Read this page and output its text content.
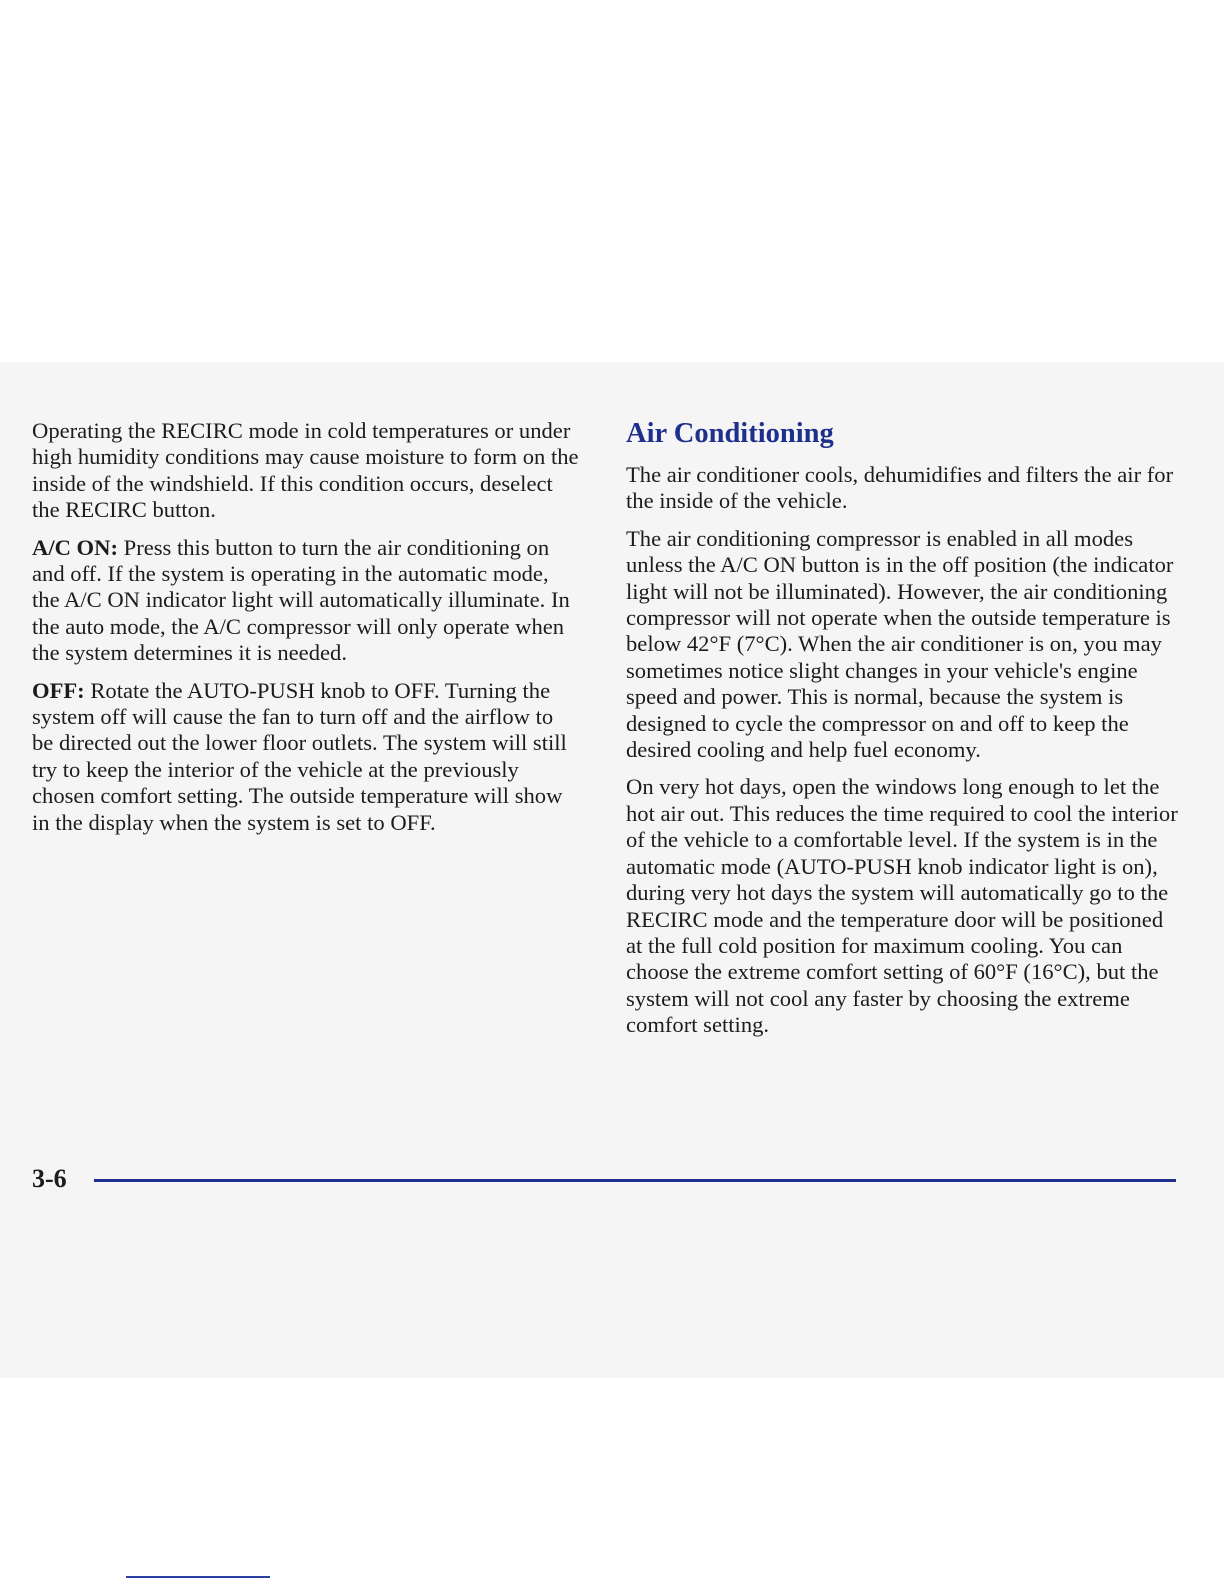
Operating the RECIRC mode in cold temperatures or under high humidity conditions may cause moisture to form on the inside of the windshield. If this condition occurs, deselect the RECIRC button.

A/C ON: Press this button to turn the air conditioning on and off. If the system is operating in the automatic mode, the A/C ON indicator light will automatically illuminate. In the auto mode, the A/C compressor will only operate when the system determines it is needed.

OFF: Rotate the AUTO-PUSH knob to OFF. Turning the system off will cause the fan to turn off and the airflow to be directed out the lower floor outlets. The system will still try to keep the interior of the vehicle at the previously chosen comfort setting. The outside temperature will show in the display when the system is set to OFF.

Air Conditioning

The air conditioner cools, dehumidifies and filters the air for the inside of the vehicle.

The air conditioning compressor is enabled in all modes unless the A/C ON button is in the off position (the indicator light will not be illuminated). However, the air conditioning compressor will not operate when the outside temperature is below 42°F (7°C). When the air conditioner is on, you may sometimes notice slight changes in your vehicle's engine speed and power. This is normal, because the system is designed to cycle the compressor on and off to keep the desired cooling and help fuel economy.

On very hot days, open the windows long enough to let the hot air out. This reduces the time required to cool the interior of the vehicle to a comfortable level. If the system is in the automatic mode (AUTO-PUSH knob indicator light is on), during very hot days the system will automatically go to the RECIRC mode and the temperature door will be positioned at the full cold position for maximum cooling. You can choose the extreme comfort setting of 60°F (16°C), but the system will not cool any faster by choosing the extreme comfort setting.

3-6
